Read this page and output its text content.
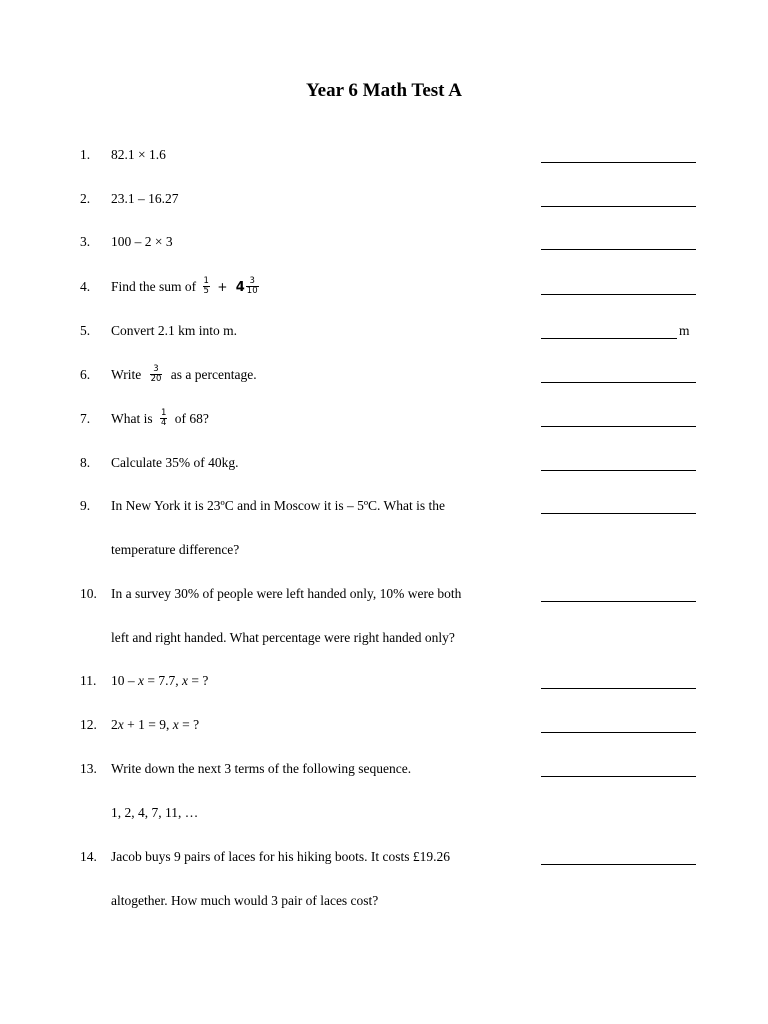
Year 6 Math Test A
1. 82.1 × 1.6
2. 23.1 – 16.27
3. 100 – 2 × 3
4. Find the sum of $\frac{1}{5} + 4 \frac{3}{10}$
5. Convert 2.1 km into m.	m
6. Write $\frac{3}{20}$ as a percentage.
7. What is $\frac{1}{4}$ of 68?
8. Calculate 35% of 40kg.
9. In New York it is 23ºC and in Moscow it is – 5ºC. What is the
temperature difference?
10. In a survey 30% of people were left handed only, 10% were both
left and right handed. What percentage were right handed only?
11. 10 – x = 7.7, x = ?
12. 2x + 1 = 9, x = ?
13. Write down the next 3 terms of the following sequence.
1, 2, 4, 7, 11, …
14. Jacob buys 9 pairs of laces for his hiking boots. It costs £19.26
altogether. How much would 3 pair of laces cost?
